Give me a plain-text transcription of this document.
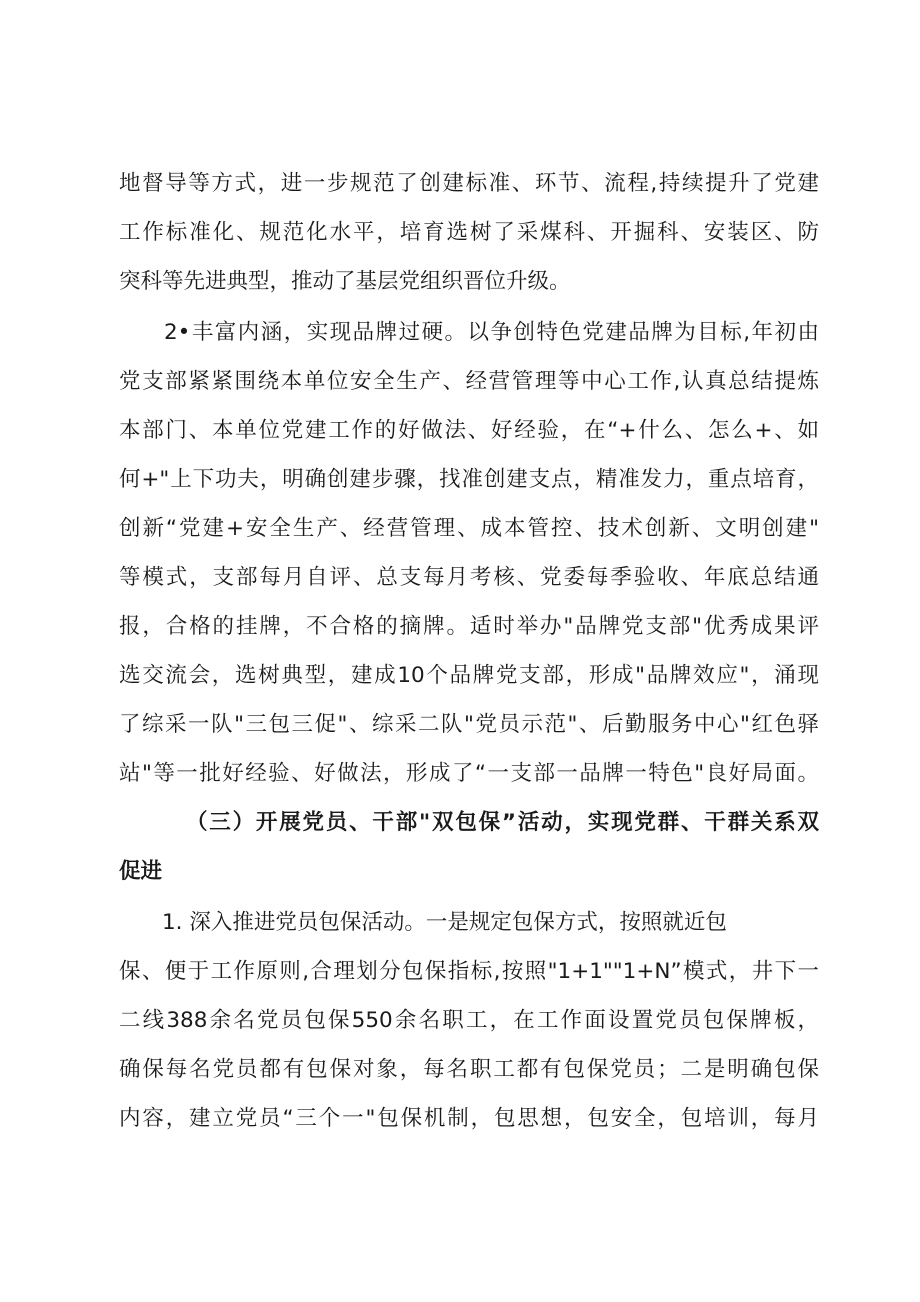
地督导等方式，进一步规范了创建标准、环节、流程,持续提升了党建
工作标准化、规范化水平，培育选树了采煤科、开掘科、安装区、防
突科等先进典型，推动了基层党组织晋位升级。
2•丰富内涵，实现品牌过硬。以争创特色党建品牌为目标,年初由
党支部紧紧围绕本单位安全生产、经营管理等中心工作,认真总结提炼
本部门、本单位党建工作的好做法、好经验，在“+什么、怎么+、如
何+"上下功夫，明确创建步骤，找准创建支点，精准发力，重点培育，
创新“党建+安全生产、经营管理、成本管控、技术创新、文明创建"
等模式，支部每月自评、总支每月考核、党委每季验收、年底总结通
报，合格的挂牌，不合格的摘牌。适时举办"品牌党支部"优秀成果评
选交流会，选树典型，建成10个品牌党支部，形成"品牌效应"，涌现
了综采一队"三包三促"、综采二队"党员示范"、后勤服务中心"红色驿
站"等一批好经验、好做法，形成了“一支部一品牌一特色"良好局面。
（三）开展党员、干部"双包保”活动，实现党群、干群关系双
促进
1. 深入推进党员包保活动。一是规定包保方式，按照就近包
保、便于工作原则,合理划分包保指标,按照"1+1""1+N”模式，井下一
二线388余名党员包保550余名职工，在工作面设置党员包保牌板，
确保每名党员都有包保对象，每名职工都有包保党员；二是明确包保
内容，建立党员“三个一"包保机制，包思想，包安全，包培训，每月
